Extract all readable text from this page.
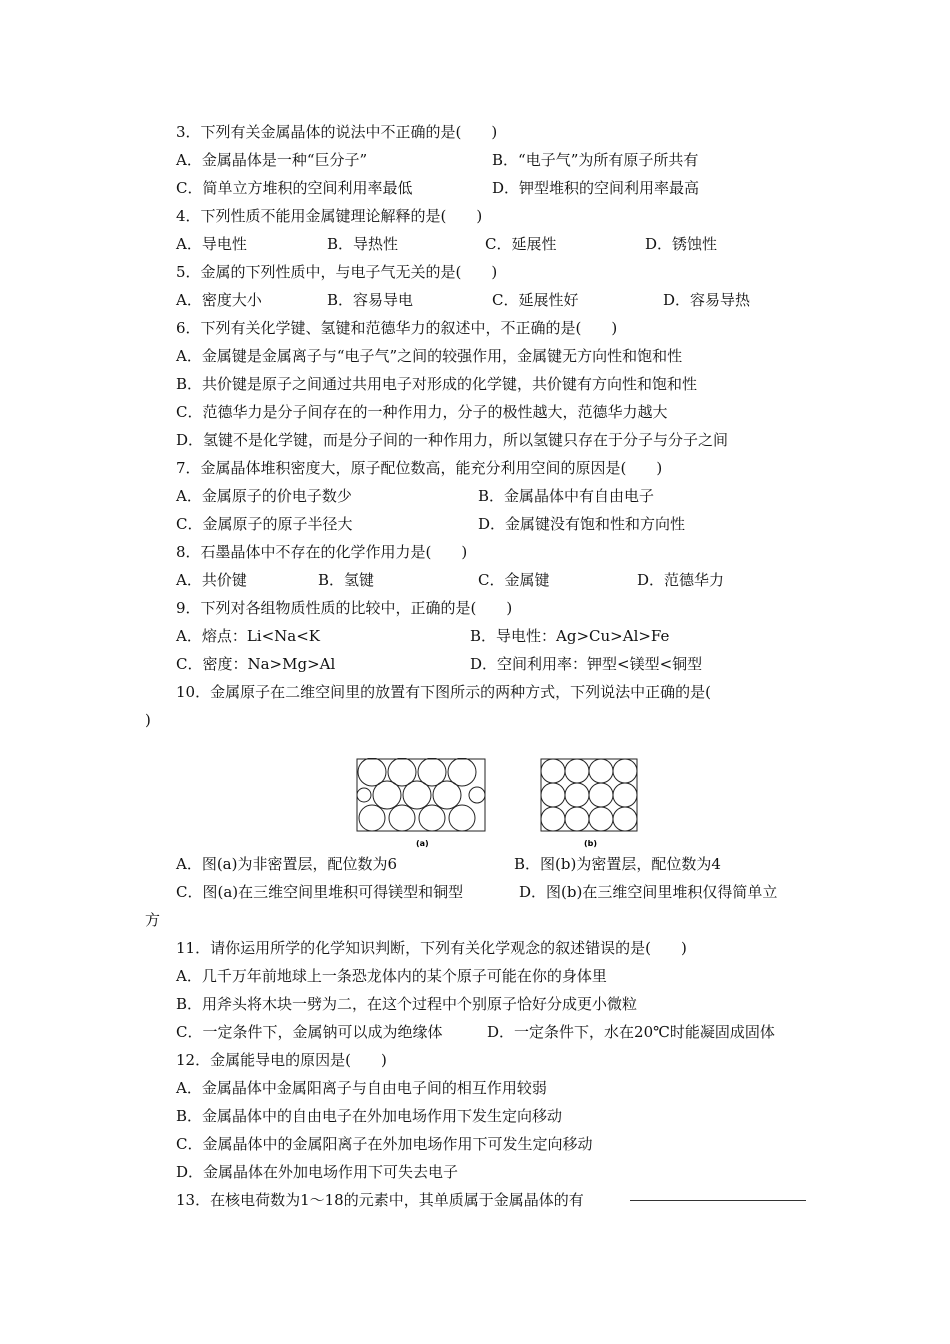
3．下列有关金属晶体的说法中不正确的是(　　)
A．金属晶体是一种“巨分子”	B．“电子气”为所有原子所共有
C．简单立方堆积的空间利用率最低	D．钾型堆积的空间利用率最高
4．下列性质不能用金属键理论解释的是(　　)
A．导电性	B．导热性	C．延展性	D．锈蚀性
5．金属的下列性质中，与电子气无关的是(　　)
A．密度大小	B．容易导电	C．延展性好	D．容易导热
6．下列有关化学键、氢键和范德华力的叙述中，不正确的是(　　)
A．金属键是金属离子与“电子气”之间的较强作用，金属键无方向性和饱和性
B．共价键是原子之间通过共用电子对形成的化学键，共价键有方向性和饱和性
C．范德华力是分子间存在的一种作用力，分子的极性越大，范德华力越大
D．氢键不是化学键，而是分子间的一种作用力，所以氢键只存在于分子与分子之间
7．金属晶体堆积密度大，原子配位数高，能充分利用空间的原因是(　　)
A．金属原子的价电子数少	B．金属晶体中有自由电子
C．金属原子的原子半径大	D．金属键没有饱和性和方向性
8．石墨晶体中不存在的化学作用力是(　　)
A．共价键	B．氢键	C．金属键	D．范德华力
9．下列对各组物质性质的比较中，正确的是(　　)
A．熔点：Li<Na<K	B．导电性：Ag>Cu>Al>Fe
C．密度：Na>Mg>Al	D．空间利用率：钾型<镁型<铜型
10．金属原子在二维空间里的放置有下图所示的两种方式，下列说法中正确的是(
)
(a)	(b)
A．图(a)为非密置层，配位数为6	B．图(b)为密置层，配位数为4
C．图(a)在三维空间里堆积可得镁型和铜型	D．图(b)在三维空间里堆积仅得简单立
方
11．请你运用所学的化学知识判断，下列有关化学观念的叙述错误的是(　　)
A．几千万年前地球上一条恐龙体内的某个原子可能在你的身体里
B．用斧头将木块一劈为二，在这个过程中个别原子恰好分成更小微粒
C．一定条件下，金属钠可以成为绝缘体	D．一定条件下，水在20℃时能凝固成固体
12．金属能导电的原因是(　　)
A．金属晶体中金属阳离子与自由电子间的相互作用较弱
B．金属晶体中的自由电子在外加电场作用下发生定向移动
C．金属晶体中的金属阳离子在外加电场作用下可发生定向移动
D．金属晶体在外加电场作用下可失去电子
13．在核电荷数为1～18的元素中，其单质属于金属晶体的有
